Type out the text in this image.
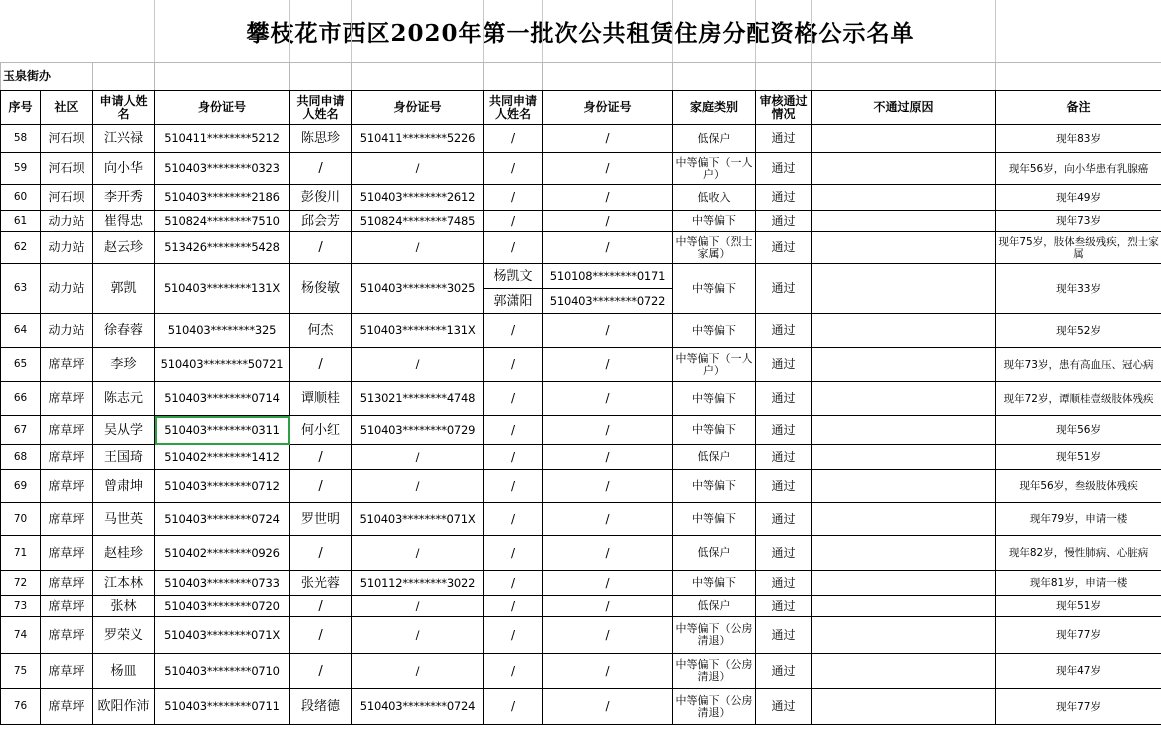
攀枝花市西区2020年第一批次公共租赁住房分配资格公示名单
玉泉街办											
序号	社区	申请人姓名	身份证号	共同申请人姓名	身份证号	共同申请人姓名	身份证号	家庭类别	审核通过情况	不通过原因	备注
58	河石坝	江兴禄	510411********5212	陈思珍	510411********5226	/	/	低保户	通过		现年83岁
59	河石坝	向小华	510403********0323	/	/	/	/	中等偏下（一人户）	通过		现年56岁，向小华患有乳腺癌
60	河石坝	李开秀	510403********2186	彭俊川	510403********2612	/	/	低收入	通过		现年49岁
61	动力站	崔得忠	510824********7510	邱会芳	510824********7485	/	/	中等偏下	通过		现年73岁
62	动力站	赵云珍	513426********5428	/	/	/	/	中等偏下（烈士家属）	通过		现年75岁，肢体叁级残疾，烈士家属
63	动力站	郭凯	510403********131X	杨俊敏	510403********3025	杨凯文	510108********0171	中等偏下	通过		现年33岁
						郭潇阳	510403********0722				
64	动力站	徐春蓉	510403********325	何杰	510403********131X	/	/	中等偏下	通过		现年52岁
65	席草坪	李珍	510403********50721	/	/	/	/	中等偏下（一人户）	通过		现年73岁，患有高血压、冠心病
66	席草坪	陈志元	510403********0714	谭顺桂	513021********4748	/	/	中等偏下	通过		现年72岁，谭顺桂壹级肢体残疾
67	席草坪	吴从学	510403********0311	何小红	510403********0729	/	/	中等偏下	通过		现年56岁
68	席草坪	王国琦	510402********1412	/	/	/	/	低保户	通过		现年51岁
69	席草坪	曾肃坤	510403********0712	/	/	/	/	中等偏下	通过		现年56岁，叁级肢体残疾
70	席草坪	马世英	510403********0724	罗世明	510403********071X	/	/	中等偏下	通过		现年79岁，申请一楼
71	席草坪	赵桂珍	510402********0926	/	/	/	/	低保户	通过		现年82岁，慢性肺病、心脏病
72	席草坪	江本林	510403********0733	张光蓉	510112********3022	/	/	中等偏下	通过		现年81岁，申请一楼
73	席草坪	张林	510403********0720	/	/	/	/	低保户	通过		现年51岁
74	席草坪	罗荣义	510403********071X	/	/	/	/	中等偏下（公房清退）	通过		现年77岁
75	席草坪	杨皿	510403********0710	/	/	/	/	中等偏下（公房清退）	通过		现年47岁
76	席草坪	欧阳作沛	510403********0711	段绪德	510403********0724	/	/	中等偏下（公房清退）	通过		现年77岁
